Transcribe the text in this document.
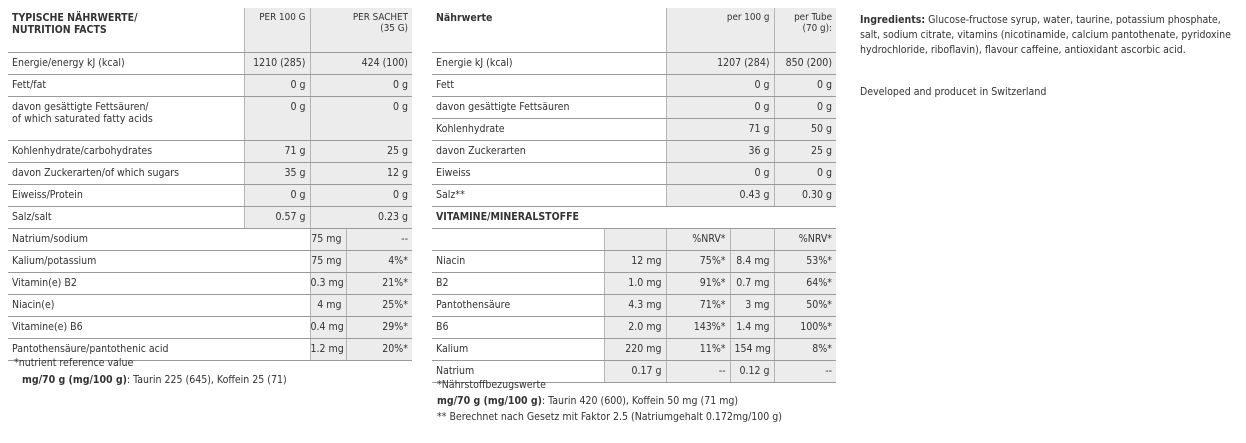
TYPISCHE NÄHRWERTE/
NUTRITION FACTS	PER 100 G	PER SACHET
(35 G)	
Energie/energy kJ (kcal)	1210 (285)	424 (100)	
Fett/fat	0 g	0 g	
davon gesättigte Fettsäuren/
of which saturated fatty acids	0 g	0 g	
Kohlenhydrate/carbohydrates	71 g	25 g	
davon Zuckerarten/of which sugars	35 g	12 g	
Eiweiss/Protein	0 g	0 g	
Salz/salt	0.57 g	0.23 g	
Natrium/sodium		75 mg	--
Kalium/potassium		75 mg	4%*
Vitamin(e) B2		0.3 mg	21%*
Niacin(e)		4 mg	25%*
Vitamine(e) B6		0.4 mg	29%*
Pantothensäure/pantothenic acid		1.2 mg	20%*
*nutrient reference value
mg/70 g (mg/100 g): Taurin 225 (645), Koffein 25 (71)
Nährwerte		per 100 g		per Tube
(70 g):
Energie kJ (kcal)		1207 (284)		850 (200)
Fett		0 g		0 g
davon gesättigte Fettsäuren		0 g		0 g
Kohlenhydrate		71 g		50 g
davon Zuckerarten		36 g		25 g
Eiweiss		0 g		0 g
Salz**		0.43 g		0.30 g
VITAMINE/MINERALSTOFFE				
		%NRV*		%NRV*
Niacin	12 mg	75%*	8.4 mg	53%*
B2	1.0 mg	91%*	0.7 mg	64%*
Pantothensäure	4.3 mg	71%*	3 mg	50%*
B6	2.0 mg	143%*	1.4 mg	100%*
Kalium	220 mg	11%*	154 mg	8%*
Natrium	0.17 g	--	0.12 g	--
*Nährstoffbezugswerte
mg/70 g (mg/100 g): Taurin 420 (600), Koffein 50 mg (71 mg)
** Berechnet nach Gesetz mit Faktor 2.5 (Natriumgehalt 0.172mg/100 g)
Ingredients: Glucose-fructose syrup, water, taurine, potassium phosphate, salt, sodium citrate, vitamins (nicotinamide, calcium pantothenate, pyridoxine hydrochloride, riboflavin), flavour caffeine, antioxidant ascorbic acid.
Developed and producet in Switzerland
